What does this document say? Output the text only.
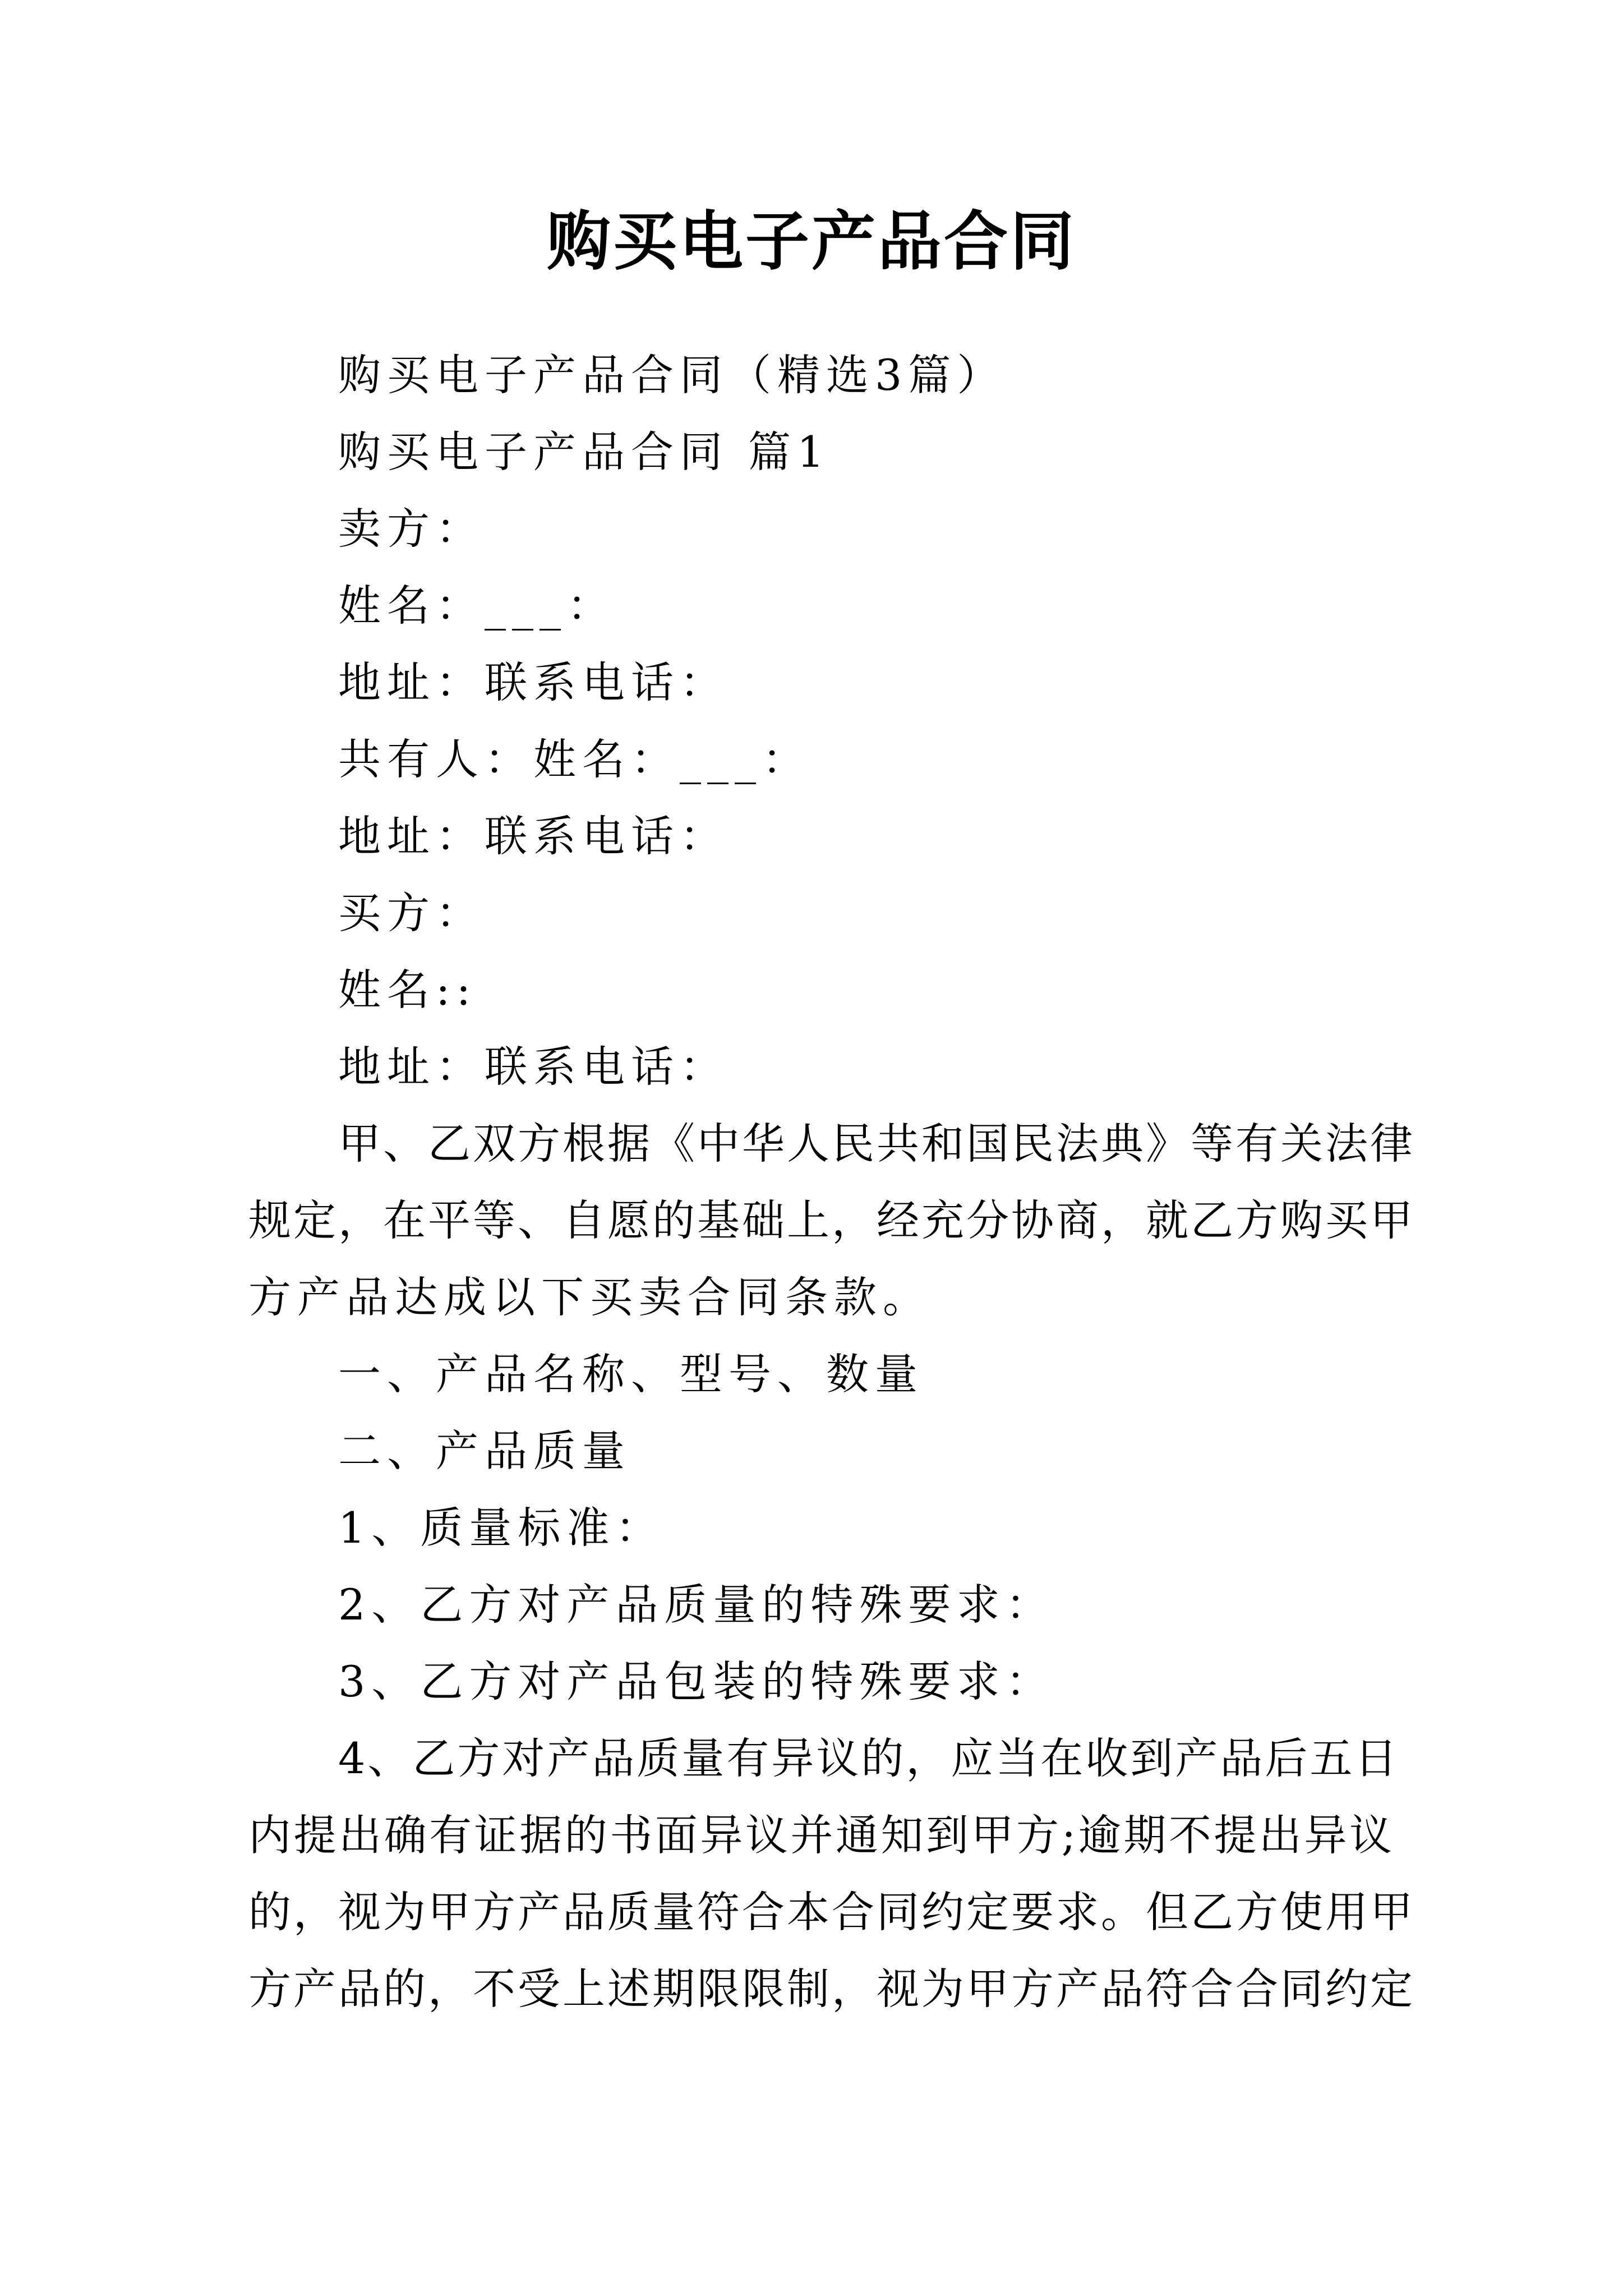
购买电子产品合同

购买电子产品合同（精选3篇）

购买电子产品合同 篇1

卖方：

姓名：___：

地址：联系电话：

共有人：姓名：___：

地址：联系电话：

买方：

姓名::

地址：联系电话：

甲、乙双方根据《中华人民共和国民法典》等有关法律

规定，在平等、自愿的基础上，经充分协商，就乙方购买甲

方产品达成以下买卖合同条款。

一、产品名称、型号、数量

二、产品质量

1、质量标准：

2、乙方对产品质量的特殊要求：

3、乙方对产品包装的特殊要求：

4、乙方对产品质量有异议的，应当在收到产品后五日

内提出确有证据的书面异议并通知到甲方;逾期不提出异议

的，视为甲方产品质量符合本合同约定要求。但乙方使用甲

方产品的，不受上述期限限制，视为甲方产品符合合同约定
